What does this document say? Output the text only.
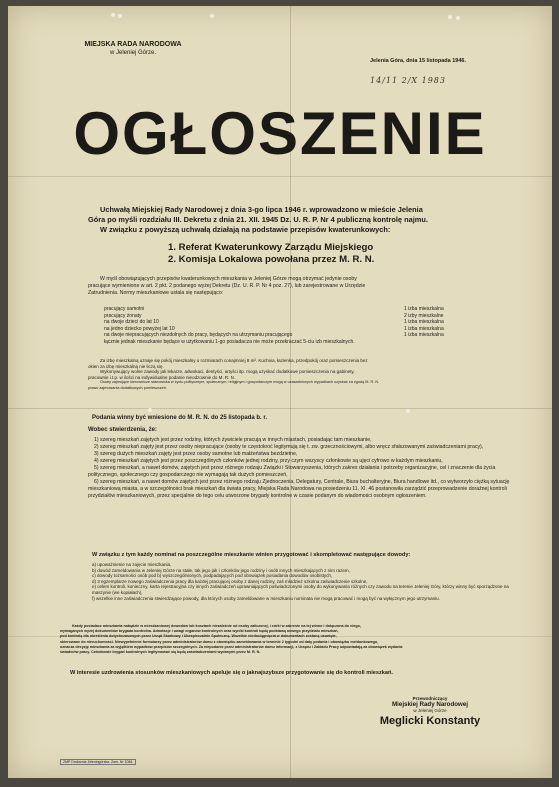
MIEJSKA RADA NARODOWA
w Jeleniej Górze.
Jelenia Góra, dnia 15 listopada 1946.
14/11 2/X 1983
OGŁOSZENIE
Uchwałą Miejskiej Rady Narodowej z dnia 3-go lipca 1946 r. wprowadzono w mieście Jelenia
Góra po myśli rozdziału III. Dekretu z dnia 21. XII. 1945 Dz. U. R. P. Nr 4 publiczną kontrolę najmu.
W związku z powyższą uchwałą działają na podstawie przepisów kwaterunkowych:
1. Referat Kwaterunkowy Zarządu Miejskiego
2. Komisja Lokalowa powołana przez M. R. N.
W myśl obowiązujących przepisów kwaterunkowych mieszkania w Jeleniej Górze mogą otrzymać jedynie osoby
pracujące wymienione w art. 2 pkt. 2 podanego wyżej Dekretu (Dz. U. R. P. Nr 4 poz. 27), lub zarejestrowane w Urzędzie
Zatrudnienia. Normy mieszkaniowe ustala się następująco:
pracujący samotni	1 izba mieszkalna
pracujący żonaty	2 izby mieszkalne
na dwoje dzieci do lat 10	1 izba mieszkalna
na jedno dziecko powyżej lat 10	1 izba mieszkalna
na dwoje niepracujących niezdolnych do pracy, będących na utrzymaniu pracującego	1 izba mieszkalna
łącznie jednak mieszkanie będące w użytkowaniu 1-go posiadacza nie może przekraczać 5-ciu izb mieszkalnych.	
Za izbę mieszkalną uznaje się pokój mieszkalny o rozmiarach conajmniej 8 m². Kuchnia, łazienka, przedpokój oraz pomieszczenia bez
okien za izbę mieszkalną nie liczą się.
Wykonywujący wolne zawody jak lekarze, adwokaci, dentyści, artyści itp. mogą uzyskać dodatkowe pomieszczenia na gabinety,
pracownie i.t.p. w ilości na indywidualne podanie nieodzownie do M. R. N.
Osoby zajmujące kierownicze stanowiska w życiu politycznym, społecznym, religijnym i gospodarczym mogą w uzasadnionych wypadkach uzyskać za zgodą M. R. N.
prawo zajmowania dodatkowych pomieszczeń.
Podania winny być wniesione do M. R. N. do 25 listopada b. r.
Wobec stwierdzenia, że:
1) szereg mieszkań zajętych jest przez rodziny, których żywiciele pracują w innych miastach, posiadając tam mieszkanie,
2) szereg mieszkań zajęty jest przez osoby niepracujące (osoby te częstokroć legitymują się t. zw. grzecznościowymi, albo wręcz sfałszowanymi zaświadczeniami pracy),
3) szereg dużych mieszkań zajęty jest przez osoby samotne lub małżeństwa bezdzietne,
4) szereg mieszkań zajętych jest przez poszczególnych członków jednej rodziny, przy czym wszyscy członkowie są ujęci cyfrowo w każdym mieszkaniu,
5) szereg mieszkań, a nawet domów, zajętych jest przez różnego rodzaju Związki i Stowarzyszenia, których zakres działania i potrzeby organizacyjne, cel i znaczenie dla życia politycznego, społecznego czy gospodarczego nie wymagają tak dużych pomieszczeń,
6) szereg mieszkań, a nawet domów zajętych jest przez różnego rodzaju Zjednoczenia, Delegatury, Centrale, Biura buchalteryjne, Biura handlowe itd., co wytworzyło ciężką sytuację mieszkaniową miasta, a w szczególności brak mieszkań dla świata pracy, Miejska Rada Narodowa na posiedzeniu 11. XI. 46 postanowiła zarządzić przeprowadzenie doraźnej kontroli przydziałów mieszkaniowych, przez specjalnie do tego celu utworzone brygady kontrolne w czasie podanym do wiadomości osobnym ogłoszeniem.
W związku z tym każdy nominat na poszczególne mieszkanie winien przygotować i skompletować następujące dowody:
a) upoważnienie na zajęcie mieszkania,
b) dowód zameldowania w Jeleniej Górze na stałe, tak jego jak i członków jego rodziny i osób innych mieszkających z nim razem,
c) dowody tożsamości osób pod b) wyszczególnionych, podpadających pod obowiązek posiadania dowodów osobistych,
d) 3 egzemplarze nowego zaświadczenia pracy dla każdej pracującej osoby z danej rodziny, zaś młodzież szkolna zaświadczenie szkolne,
e) celem kontroli, konieczny, karta rejestracyjna czy innych zaświadczeń uprawniających poświadczonymi osoby do wykonywania różnych czy zawodu na terenie Jeleniej Góry, którzy winny być sporządzone na maszynie (we kopiałach),
f) wszelkie inne zaświadczenia stwierdzające powody, dla których osoby zameldowane w mieszkaniu nominata nie mogą pracować i mogą być na wyłącznym jego utrzymaniu.
Każdy posiadacz mieszkania nabędzie w mieszkaniowej dowodów lub kosztach niezależnie od osoby zaliczonej, i córki w zakresie na tej winno i dołączona do niego,
wymaganych wyżej dokumentów brygada kontrolna. Adnotacje i uwagi organów kontrolnych oraz wyniki kontroli będą podstawą nowego przydziału mieszkań,
pod kontrolą dla określenia dotychczasowych przez Urząd Skarbowy i Ubezpieczalnie Społeczną. Wszelkie niedociągnięcia w dokumentach zostaną usunięte,
skierowane do nieruchomości. Niewypełnienie formularzy przez administratorów domu z obowiązku zameldowania w terminie 2 tygodni od daty podania i obowiązku meldunkowego,
oznacza decyzję mieszkania za wyjątkiem wypadków przepisów szczególnych. Za niepodanie przez administratorów domu informacji, z Urzędu i Zakładu Pracy odpowiadają za obowiązek wydania
świadectw pracy. Członkowie brygad kontrolnych legitymować się będą zaświadczeniami wydanymi przez M. R. N.
W interesie uzdrowienia stosunków mieszkaniowych apeluje się o jaknajszybsze przygotowanie się do kontroli mieszkań.
Przewodniczący
Miejskiej Rady Narodowej
w Jeleniej Górze
Meglicki Konstanty
ZMP Drukarnia Jeleniogórska. Zam. Nr 1084.
